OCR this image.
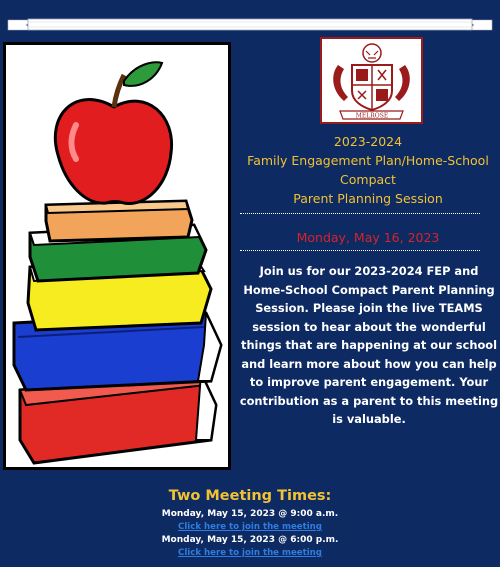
MELROSE
2023-2024
Family Engagement Plan/Home-School
Compact
Parent Planning Session
Monday, May 16, 2023
Join us for our 2023-2024 FEP and Home-School Compact Parent Planning Session. Please join the live TEAMS session to hear about the wonderful things that are happening at our school and learn more about how you can help to improve parent engagement. Your contribution as a parent to this meeting is valuable.
Two Meeting Times:
Monday, May 15, 2023 @ 9:00 a.m.
Click here to join the meeting
Monday, May 15, 2023 @ 6:00 p.m.
Click here to join the meeting
